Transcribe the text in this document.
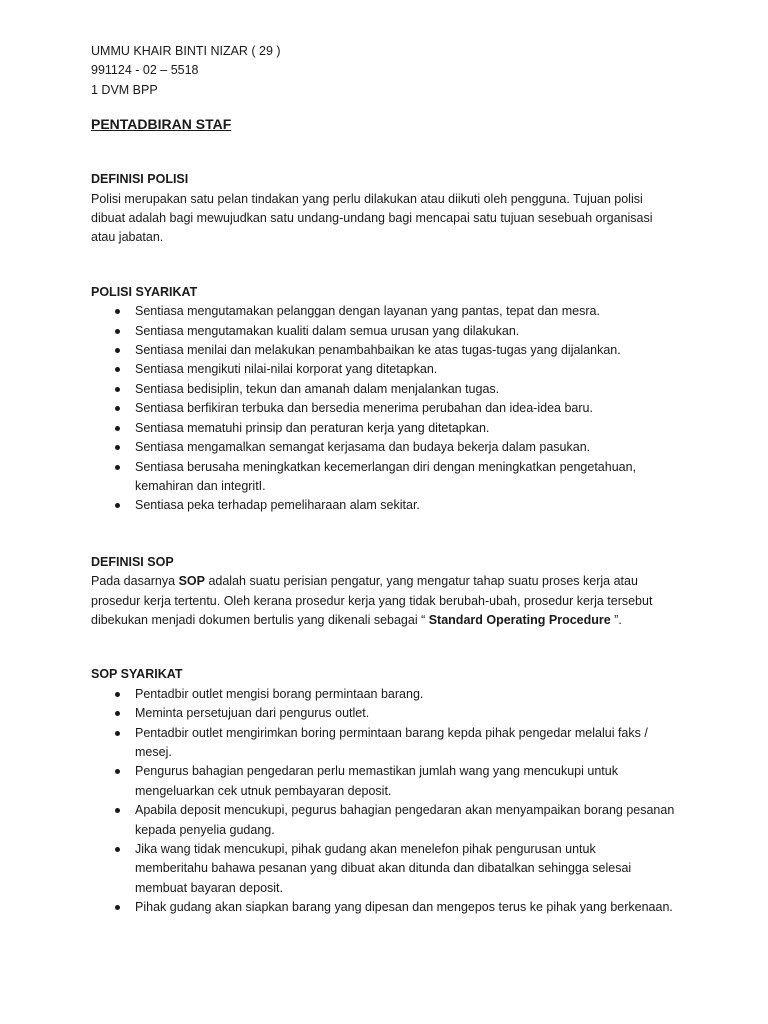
UMMU KHAIR BINTI NIZAR ( 29 )
991124 - 02 – 5518
1 DVM BPP
PENTADBIRAN STAF
DEFINISI POLISI
Polisi merupakan satu pelan tindakan yang perlu dilakukan atau diikuti oleh pengguna. Tujuan polisi
dibuat adalah bagi mewujudkan satu undang-undang bagi mencapai satu tujuan sesebuah organisasi
atau jabatan.
POLISI SYARIKAT
Sentiasa mengutamakan pelanggan dengan layanan yang pantas, tepat dan mesra.
Sentiasa mengutamakan kualiti dalam semua urusan yang dilakukan.
Sentiasa menilai dan melakukan penambahbaikan ke atas tugas-tugas yang dijalankan.
Sentiasa mengikuti nilai-nilai korporat yang ditetapkan.
Sentiasa bedisiplin, tekun dan amanah dalam menjalankan tugas.
Sentiasa berfikiran terbuka dan bersedia menerima perubahan dan idea-idea baru.
Sentiasa mematuhi prinsip dan peraturan kerja yang ditetapkan.
Sentiasa mengamalkan semangat kerjasama dan budaya bekerja dalam pasukan.
Sentiasa berusaha meningkatkan kecemerlangan diri dengan meningkatkan pengetahuan,
kemahiran dan integritI.
Sentiasa peka terhadap pemeliharaan alam sekitar.
DEFINISI SOP
Pada dasarnya SOP adalah suatu perisian pengatur, yang mengatur tahap suatu proses kerja atau
prosedur kerja tertentu. Oleh kerana prosedur kerja yang tidak berubah-ubah, prosedur kerja tersebut
dibekukan menjadi dokumen bertulis yang dikenali sebagai “ Standard Operating Procedure ”.
SOP SYARIKAT
Pentadbir outlet mengisi borang permintaan barang.
Meminta persetujuan dari pengurus outlet.
Pentadbir outlet mengirimkan boring permintaan barang kepda pihak pengedar melalui faks /
mesej.
Pengurus bahagian pengedaran perlu memastikan jumlah wang yang mencukupi untuk
mengeluarkan cek utnuk pembayaran deposit.
Apabila deposit mencukupi, pegurus bahagian pengedaran akan menyampaikan borang pesanan
kepada penyelia gudang.
Jika wang tidak mencukupi, pihak gudang akan menelefon pihak pengurusan untuk
memberitahu bahawa pesanan yang dibuat akan ditunda dan dibatalkan sehingga selesai
membuat bayaran deposit.
Pihak gudang akan siapkan barang yang dipesan dan mengepos terus ke pihak yang berkenaan.
